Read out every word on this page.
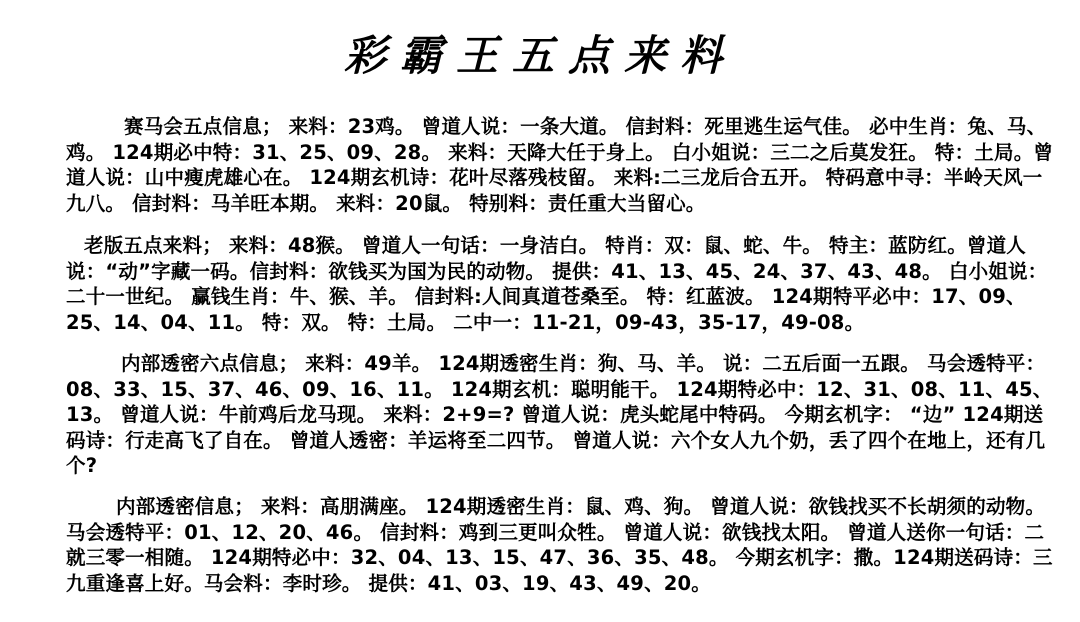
彩霸王五点来料
赛马会五点信息； 来料：23鸡。 曾道人说：一条大道。 信封料：死里逃生运气佳。 必中生肖：兔、马、鸡。 124期必中特：31、25、09、28。 来料：天降大任于身上。 白小姐说：三二之后莫发狂。 特：土局。曾道人说：山中瘦虎雄心在。 124期玄机诗：花叶尽落残枝留。 来料:二三龙后合五开。 特码意中寻：半岭天风一九八。 信封料：马羊旺本期。 来料：20鼠。 特别料：责任重大当留心。
老版五点来料； 来料：48猴。 曾道人一句话：一身洁白。 特肖：双：鼠、蛇、牛。 特主：蓝防红。曾道人说：“动”字藏一码。信封料：欲钱买为国为民的动物。 提供：41、13、45、24、37、43、48。 白小姐说：二十一世纪。 赢钱生肖：牛、猴、羊。 信封料:人间真道苍桑至。 特：红蓝波。 124期特平必中：17、09、25、14、04、11。 特：双。 特：土局。 二中一：11-21，09-43，35-17，49-08。
内部透密六点信息； 来料：49羊。 124期透密生肖：狗、马、羊。 说：二五后面一五跟。 马会透特平：08、33、15、37、46、09、16、11。 124期玄机：聪明能干。 124期特必中：12、31、08、11、45、13。 曾道人说：牛前鸡后龙马现。 来料：2+9=? 曾道人说：虎头蛇尾中特码。 今期玄机字： “边” 124期送码诗：行走高飞了自在。 曾道人透密：羊运将至二四节。 曾道人说：六个女人九个奶，丢了四个在地上，还有几个?
内部透密信息； 来料：高朋满座。 124期透密生肖：鼠、鸡、狗。 曾道人说：欲钱找买不长胡须的动物。 马会透特平：01、12、20、46。 信封料：鸡到三更叫众牲。 曾道人说：欲钱找太阳。 曾道人送你一句话：二就三零一相随。 124期特必中：32、04、13、15、47、36、35、48。 今期玄机字：撒。124期送码诗：三九重逢喜上好。马会料：李时珍。 提供：41、03、19、43、49、20。
